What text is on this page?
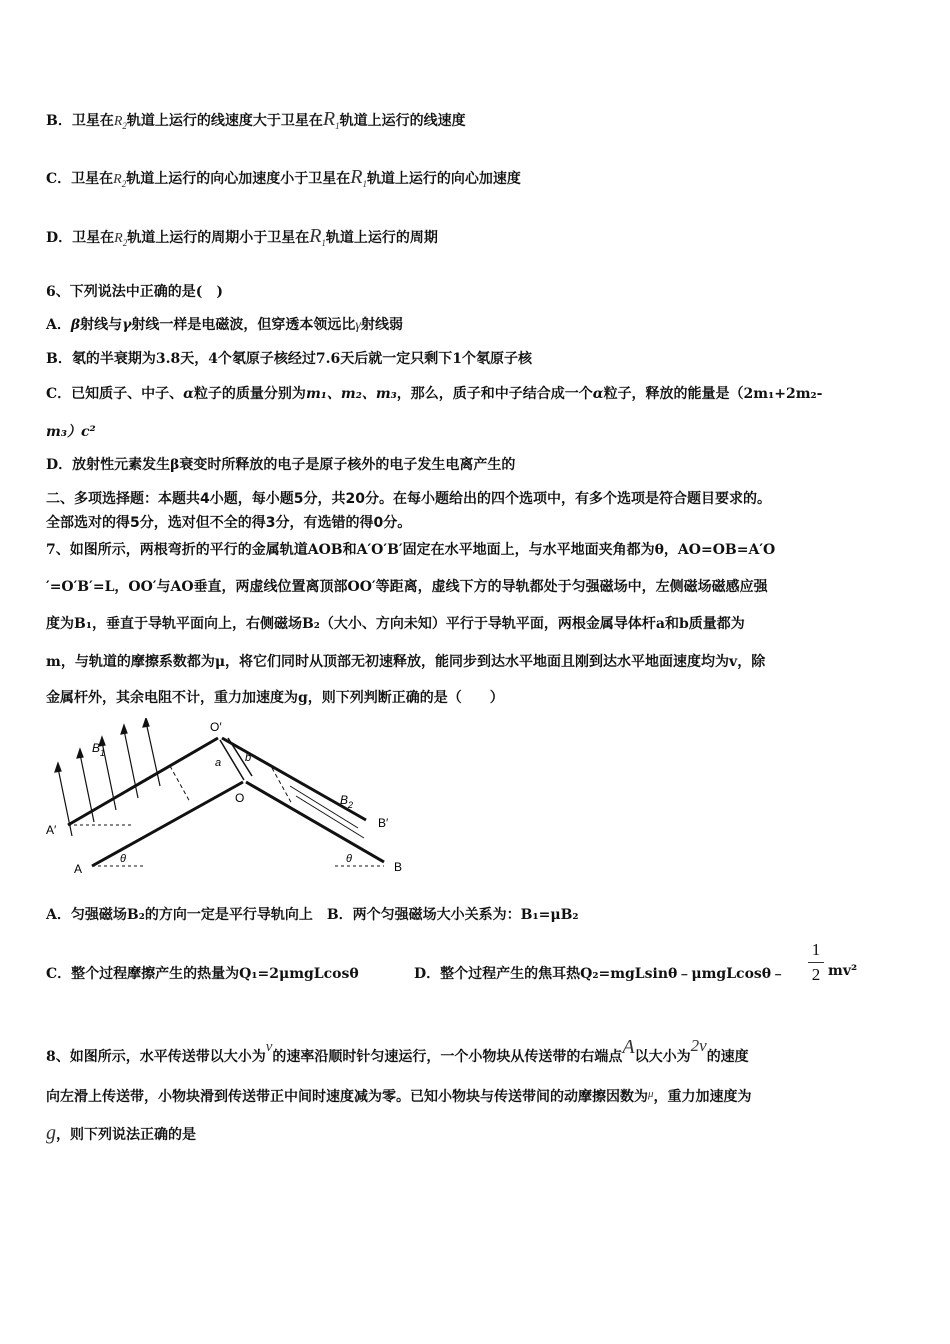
B．卫星在$R_2$轨道上运行的线速度大于卫星在$R_1$轨道上运行的线速度
C．卫星在$R_2$轨道上运行的向心加速度小于卫星在$R_1$轨道上运行的向心加速度
D．卫星在$R_2$轨道上运行的周期小于卫星在$R_1$轨道上运行的周期
6、下列说法中正确的是(　)
A．β射线与γ射线一样是电磁波，但穿透本领远比γ射线弱
B．氡的半衰期为3.8天，4个氡原子核经过7.6天后就一定只剩下1个氡原子核
C．已知质子、中子、α粒子的质量分别为m₁、m₂、m₃，那么，质子和中子结合成一个α粒子，释放的能量是（2m₁+2m₂-
m₃）c²
D．放射性元素发生β衰变时所释放的电子是原子核外的电子发生电离产生的
二、多项选择题：本题共4小题，每小题5分，共20分。在每小题给出的四个选项中，有多个选项是符合题目要求的。
全部选对的得5分，选对但不全的得3分，有选错的得0分。
7、如图所示，两根弯折的平行的金属轨道AOB和A′O′B′固定在水平地面上，与水平地面夹角都为θ，AO=OB=A′O
′=O′B′=L，OO′与AO垂直，两虚线位置离顶部OO′等距离，虚线下方的导轨都处于匀强磁场中，左侧磁场磁感应强
度为B₁，垂直于导轨平面向上，右侧磁场B₂（大小、方向未知）平行于导轨平面，两根金属导体杆a和b质量都为
m，与轨道的摩擦系数都为μ，将它们同时从顶部无初速释放，能同步到达水平地面且刚到达水平地面速度均为v，除
金属杆外，其余电阻不计，重力加速度为g，则下列判断正确的是（　　）
A′
A
O′
O
B′
B
a b
$B_1$
$B_2$
θ	θ
A．匀强磁场B₂的方向一定是平行导轨向上　B．两个匀强磁场大小关系为：B₁=μB₂
C．整个过程摩擦产生的热量为Q₁=2μmgLcosθ	D．整个过程产生的焦耳热Q₂=mgLsinθ﹣μmgLcosθ﹣
1
2 mv²
8、如图所示，水平传送带以大小为v的速率沿顺时针匀速运行，一个小物块从传送带的右端点A以大小为2v的速度
向左滑上传送带，小物块滑到传送带正中间时速度减为零。已知小物块与传送带间的动摩擦因数为$^\mu$，重力加速度为
g，则下列说法正确的是
